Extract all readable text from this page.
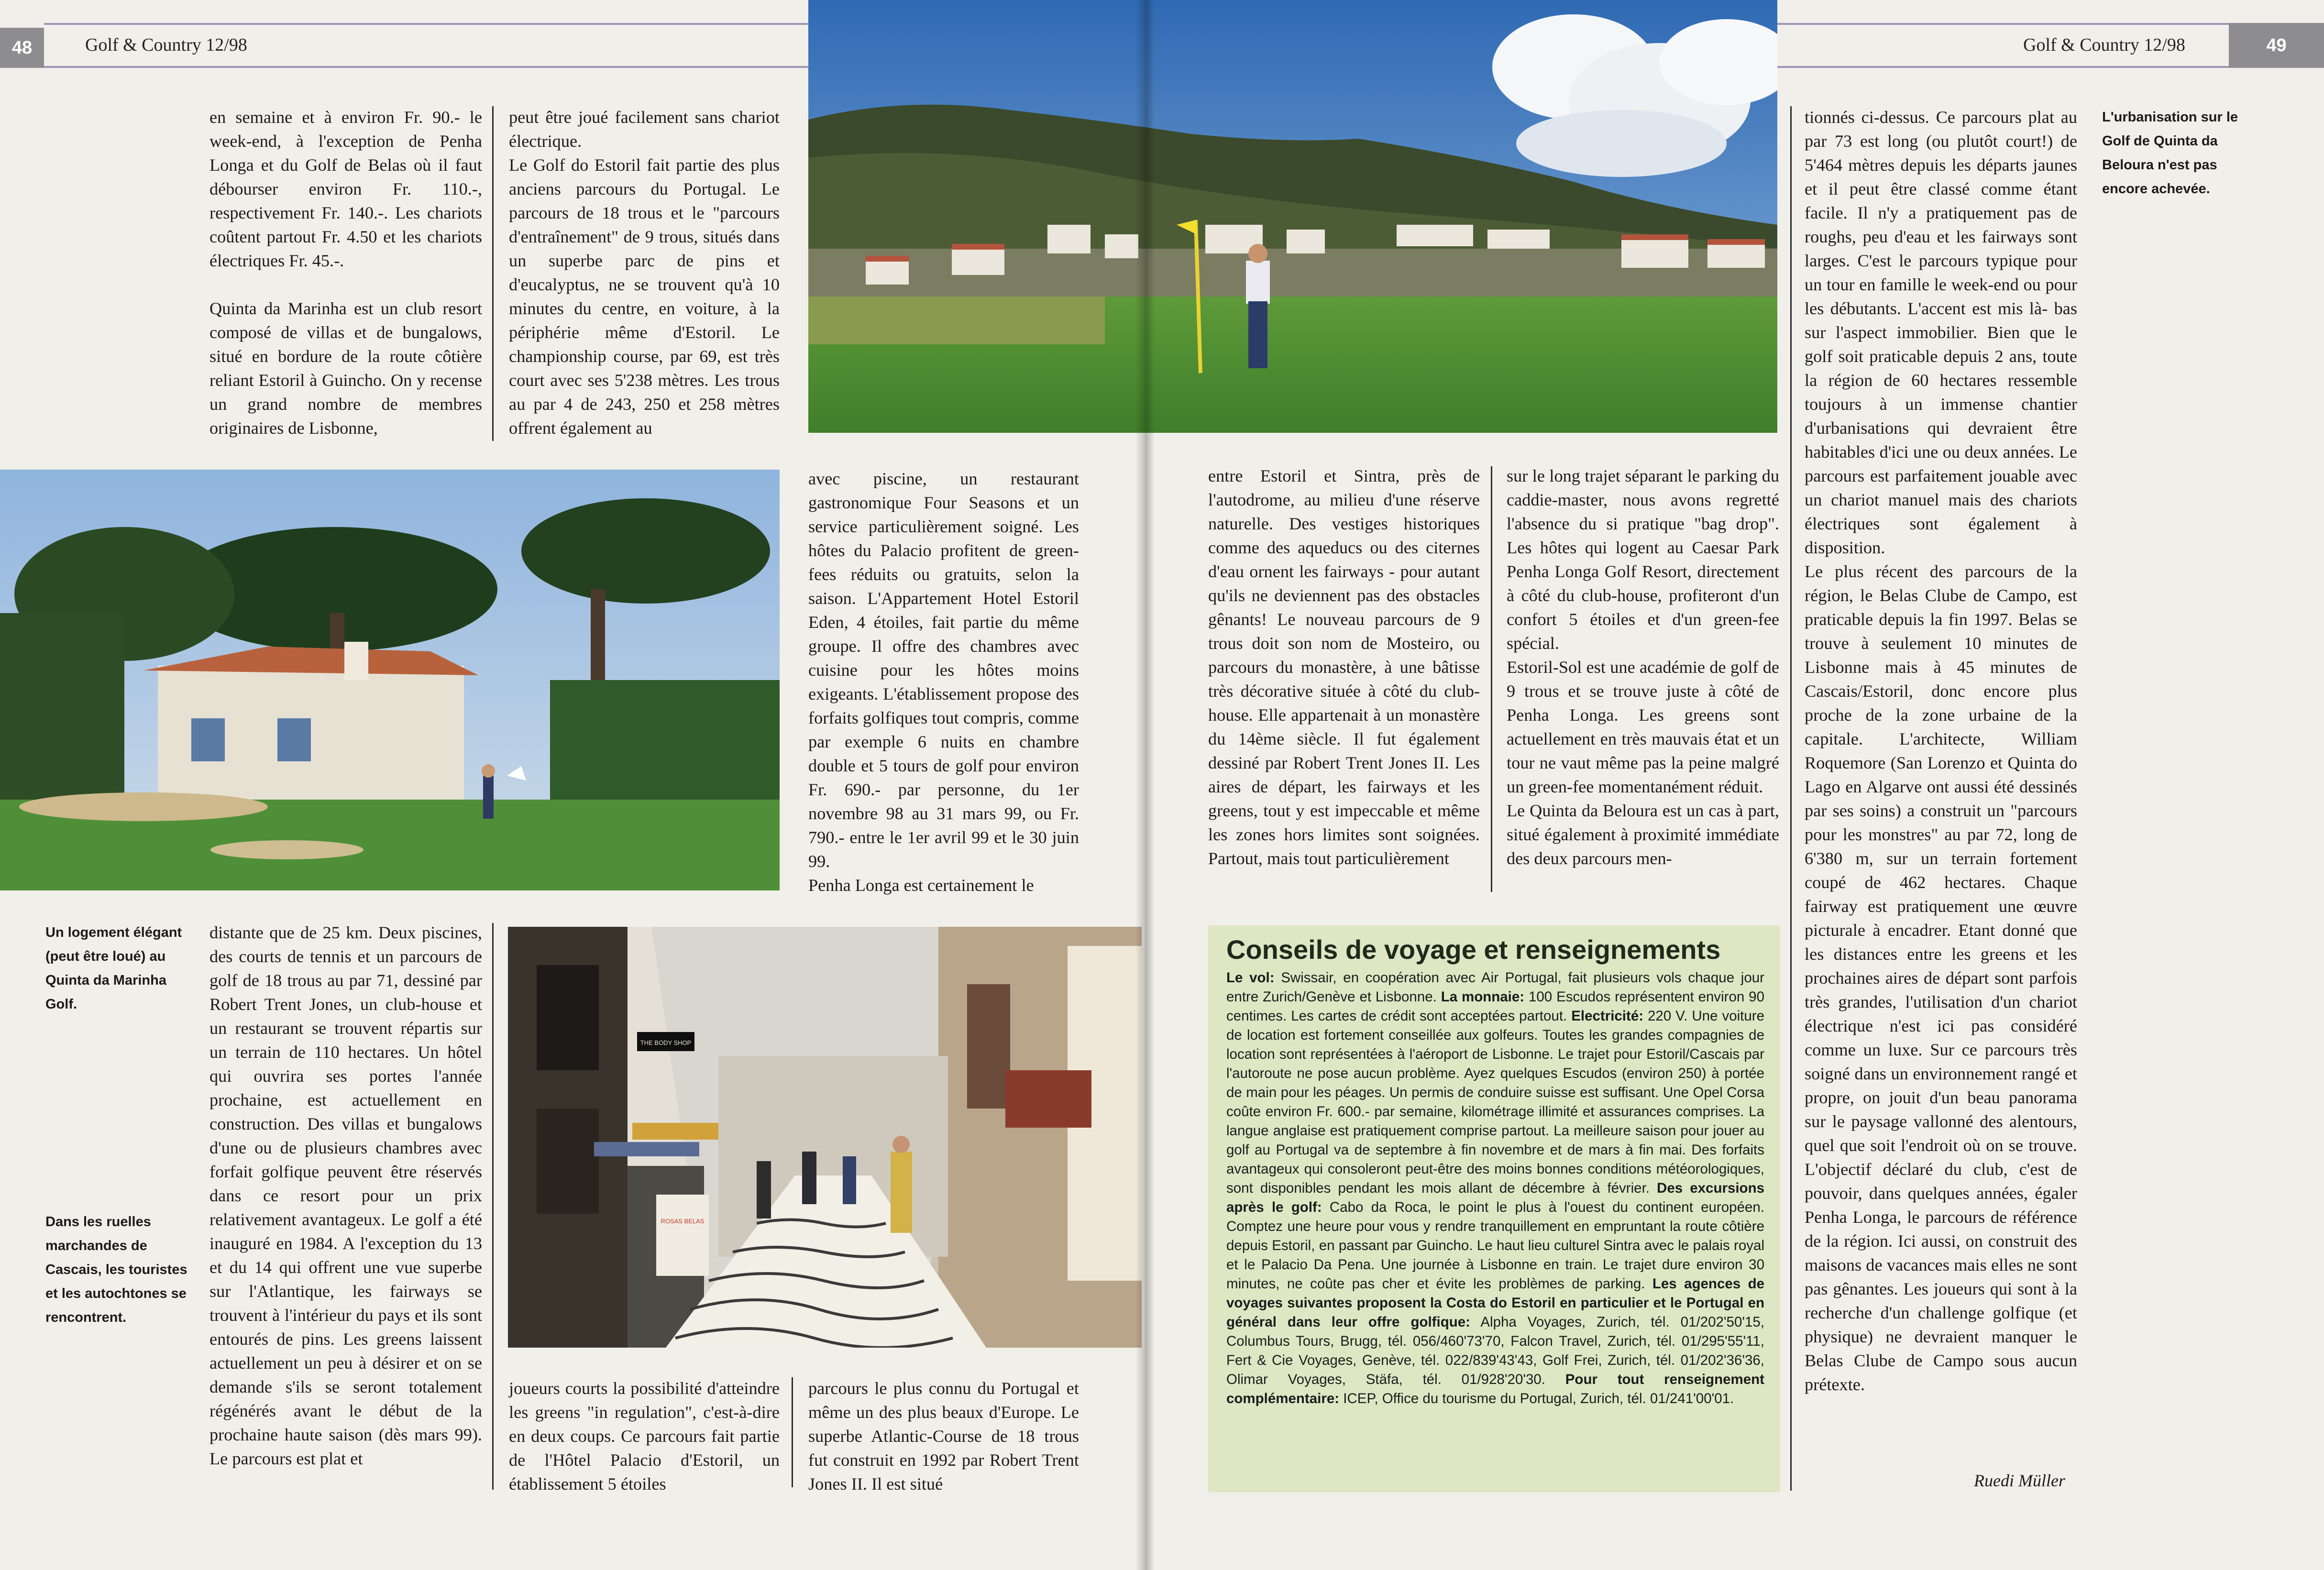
48	Golf & Country 12/98	Golf & Country 12/98	49

en semaine et à environ Fr. 90.- le week-end, à l'exception de Penha Longa et du Golf de Belas où il faut débourser environ Fr. 110.-, respectivement Fr. 140.-. Les chariots coûtent partout Fr. 4.50 et les chariots électriques Fr. 45.-.

Quinta da Marinha est un club resort composé de villas et de bungalows, situé en bordure de la route côtière reliant Estoril à Guincho. On y recense un grand nombre de membres originaires de Lisbonne,

peut être joué facilement sans chariot électrique.

Le Golf do Estoril fait partie des plus anciens parcours du Portugal. Le parcours de 18 trous et le "parcours d'entraînement" de 9 trous, situés dans un superbe parc de pins et d'eucalyptus, ne se trouvent qu'à 10 minutes du centre, en voiture, à la périphérie même d'Estoril. Le championship course, par 69, est très court avec ses 5'238 mètres. Les trous au par 4 de 243, 250 et 258 mètres offrent également au

avec piscine, un restaurant gastronomique Four Seasons et un service particulièrement soigné. Les hôtes du Palacio profitent de green-fees réduits ou gratuits, selon la saison. L'Appartement Hotel Estoril Eden, 4 étoiles, fait partie du même groupe. Il offre des chambres avec cuisine pour les hôtes moins exigeants. L'établissement propose des forfaits golfiques tout compris, comme par exemple 6 nuits en chambre double et 5 tours de golf pour environ Fr. 690.- par personne, du 1er novembre 98 au 31 mars 99, ou Fr. 790.- entre le 1er avril 99 et le 30 juin 99.

Penha Longa est certainement le

Un logement élégant (peut être loué) au Quinta da Marinha Golf.
Dans les ruelles marchandes de Cascais, les touristes et les autochtones se rencontrent.

distante que de 25 km. Deux piscines, des courts de tennis et un parcours de golf de 18 trous au par 71, dessiné par Robert Trent Jones, un club-house et un restaurant se trouvent répartis sur un terrain de 110 hectares. Un hôtel qui ouvrira ses portes l'année prochaine, est actuellement en construction. Des villas et bungalows d'une ou de plusieurs chambres avec forfait golfique peuvent être réservés dans ce resort pour un prix relativement avantageux. Le golf a été inauguré en 1984. A l'exception du 13 et du 14 qui offrent une vue superbe sur l'Atlantique, les fairways se trouvent à l'intérieur du pays et ils sont entourés de pins. Les greens laissent actuellement un peu à désirer et on se demande s'ils se seront totalement régénérés avant le début de la prochaine haute saison (dès mars 99). Le parcours est plat et

THE BODY SHOP
ROSAS BELAS

joueurs courts la possibilité d'atteindre les greens "in regulation", c'est-à-dire en deux coups. Ce parcours fait partie de l'Hôtel Palacio d'Estoril, un établissement 5 étoiles

parcours le plus connu du Portugal et même un des plus beaux d'Europe. Le superbe Atlantic-Course de 18 trous fut construit en 1992 par Robert Trent Jones II. Il est situé

entre Estoril et Sintra, près de l'autodrome, au milieu d'une réserve naturelle. Des vestiges historiques comme des aqueducs ou des citernes d'eau ornent les fairways - pour autant qu'ils ne deviennent pas des obstacles gênants! Le nouveau parcours de 9 trous doit son nom de Mosteiro, ou parcours du monastère, à une bâtisse très décorative située à côté du club-house. Elle appartenait à un monastère du 14ème siècle. Il fut également dessiné par Robert Trent Jones II. Les aires de départ, les fairways et les greens, tout y est impeccable et même les zones hors limites sont soignées. Partout, mais tout particulièrement

sur le long trajet séparant le parking du caddie-master, nous avons regretté l'absence du si pratique "bag drop". Les hôtes qui logent au Caesar Park Penha Longa Golf Resort, directement à côté du club-house, profiteront d'un confort 5 étoiles et d'un green-fee spécial.

Estoril-Sol est une académie de golf de 9 trous et se trouve juste à côté de Penha Longa. Les greens sont actuellement en très mauvais état et un tour ne vaut même pas la peine malgré un green-fee momentanément réduit.

Le Quinta da Beloura est un cas à part, situé également à proximité immédiate des deux parcours men-

tionnés ci-dessus. Ce parcours plat au par 73 est long (ou plutôt court!) de 5'464 mètres depuis les départs jaunes et il peut être classé comme étant facile. Il n'y a pratiquement pas de roughs, peu d'eau et les fairways sont larges. C'est le parcours typique pour un tour en famille le week-end ou pour les débutants. L'accent est mis là- bas sur l'aspect immobilier. Bien que le golf soit praticable depuis 2 ans, toute la région de 60 hectares ressemble toujours à un immense chantier d'urbanisations qui devraient être habitables d'ici une ou deux années. Le parcours est parfaitement jouable avec un chariot manuel mais des chariots électriques sont également à disposition.

Le plus récent des parcours de la région, le Belas Clube de Campo, est praticable depuis la fin 1997. Belas se trouve à seulement 10 minutes de Lisbonne mais à 45 minutes de Cascais/Estoril, donc encore plus proche de la zone urbaine de la capitale. L'architecte, William Roquemore (San Lorenzo et Quinta do Lago en Algarve ont aussi été dessinés par ses soins) a construit un "parcours pour les monstres" au par 72, long de 6'380 m, sur un terrain fortement coupé de 462 hectares. Chaque fairway est pratiquement une œuvre picturale à encadrer. Etant donné que les distances entre les greens et les prochaines aires de départ sont parfois très grandes, l'utilisation d'un chariot électrique n'est ici pas considéré comme un luxe. Sur ce parcours très soigné dans un environnement rangé et propre, on jouit d'un beau panorama sur le paysage vallonné des alentours, quel que soit l'endroit où on se trouve. L'objectif déclaré du club, c'est de pouvoir, dans quelques années, égaler Penha Longa, le parcours de référence de la région. Ici aussi, on construit des maisons de vacances mais elles ne sont pas gênantes. Les joueurs qui sont à la recherche d'un challenge golfique (et physique) ne devraient manquer le Belas Clube de Campo sous aucun prétexte.

Ruedi Müller
L'urbanisation sur le Golf de Quinta da Beloura n'est pas encore achevée.
Conseils de voyage et renseignements
Le vol: Swissair, en coopération avec Air Portugal, fait plusieurs vols chaque jour entre Zurich/Genève et Lisbonne. La monnaie: 100 Escudos représentent environ 90 centimes. Les cartes de crédit sont acceptées partout. Electricité: 220 V. Une voiture de location est fortement conseillée aux golfeurs. Toutes les grandes compagnies de location sont représentées à l'aéroport de Lisbonne. Le trajet pour Estoril/Cascais par l'autoroute ne pose aucun problème. Ayez quelques Escudos (environ 250) à portée de main pour les péages. Un permis de conduire suisse est suffisant. Une Opel Corsa coûte environ Fr. 600.- par semaine, kilométrage illimité et assurances comprises. La langue anglaise est pratiquement comprise partout. La meilleure saison pour jouer au golf au Portugal va de septembre à fin novembre et de mars à fin mai. Des forfaits avantageux qui consoleront peut-être des moins bonnes conditions météorologiques, sont disponibles pendant les mois allant de décembre à février. Des excursions après le golf: Cabo da Roca, le point le plus à l'ouest du continent européen. Comptez une heure pour vous y rendre tranquillement en empruntant la route côtière depuis Estoril, en passant par Guincho. Le haut lieu culturel Sintra avec le palais royal et le Palacio Da Pena. Une journée à Lisbonne en train. Le trajet dure environ 30 minutes, ne coûte pas cher et évite les problèmes de parking. Les agences de voyages suivantes proposent la Costa do Estoril en particulier et le Portugal en général dans leur offre golfique: Alpha Voyages, Zurich, tél. 01/202'50'15, Columbus Tours, Brugg, tél. 056/460'73'70, Falcon Travel, Zurich, tél. 01/295'55'11, Fert & Cie Voyages, Genève, tél. 022/839'43'43, Golf Frei, Zurich, tél. 01/202'36'36, Olimar Voyages, Stäfa, tél. 01/928'20'30. Pour tout renseignement complémentaire: ICEP, Office du tourisme du Portugal, Zurich, tél. 01/241'00'01.
